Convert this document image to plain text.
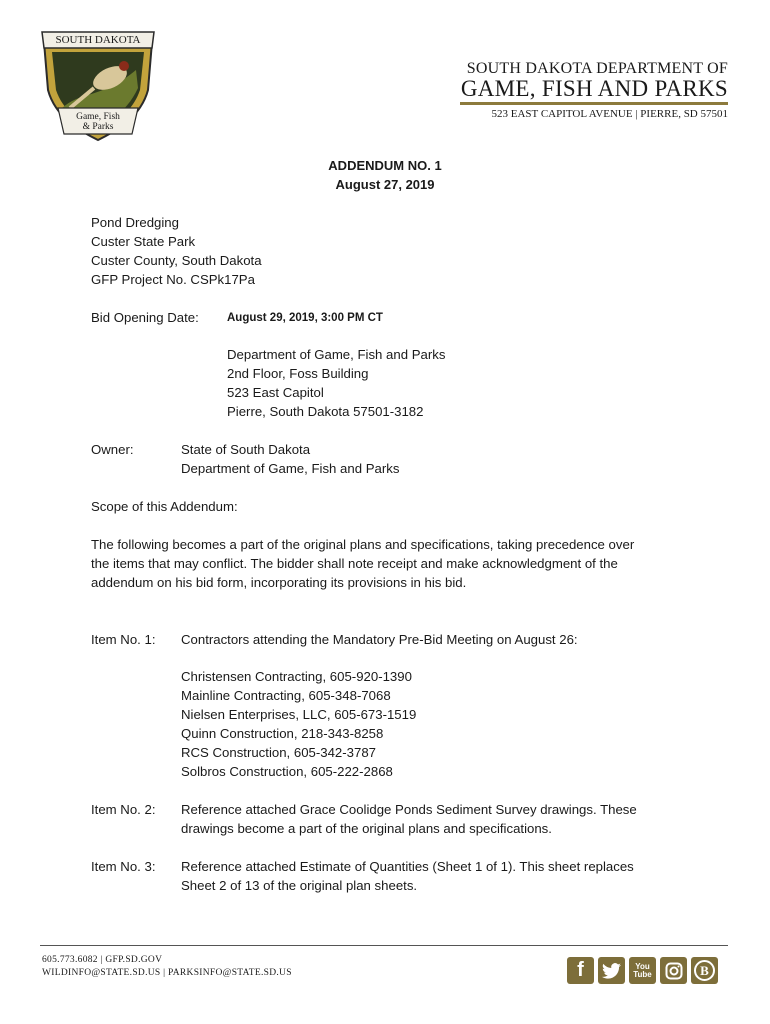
SOUTH DAKOTA
Game, Fish
& Parks
SOUTH DAKOTA DEPARTMENT OF
GAME, FISH AND PARKS
523 EAST CAPITOL AVENUE | PIERRE, SD 57501
ADDENDUM NO. 1
August 27, 2019
Pond Dredging
Custer State Park
Custer County, South Dakota
GFP Project No. CSPk17Pa
Bid Opening Date: August 29, 2019, 3:00 PM CT
Department of Game, Fish and Parks
2nd Floor, Foss Building
523 East Capitol
Pierre, South Dakota 57501-3182
Owner:	State of South Dakota
Department of Game, Fish and Parks
Scope of this Addendum:
The following becomes a part of the original plans and specifications, taking precedence over
the items that may conflict. The bidder shall note receipt and make acknowledgment of the
addendum on his bid form, incorporating its provisions in his bid.
Item No. 1: Contractors attending the Mandatory Pre-Bid Meeting on August 26:
Christensen Contracting, 605-920-1390
Mainline Contracting, 605-348-7068
Nielsen Enterprises, LLC, 605-673-1519
Quinn Construction, 218-343-8258
RCS Construction, 605-342-3787
Solbros Construction, 605-222-2868
Item No. 2: Reference attached Grace Coolidge Ponds Sediment Survey drawings. These
drawings become a part of the original plans and specifications.
Item No. 3: Reference attached Estimate of Quantities (Sheet 1 of 1). This sheet replaces
Sheet 2 of 13 of the original plan sheets.
605.773.6082 | GFP.SD.GOV
WILDINFO@STATE.SD.US | PARKSINFO@STATE.SD.US	f	You Tube	B
